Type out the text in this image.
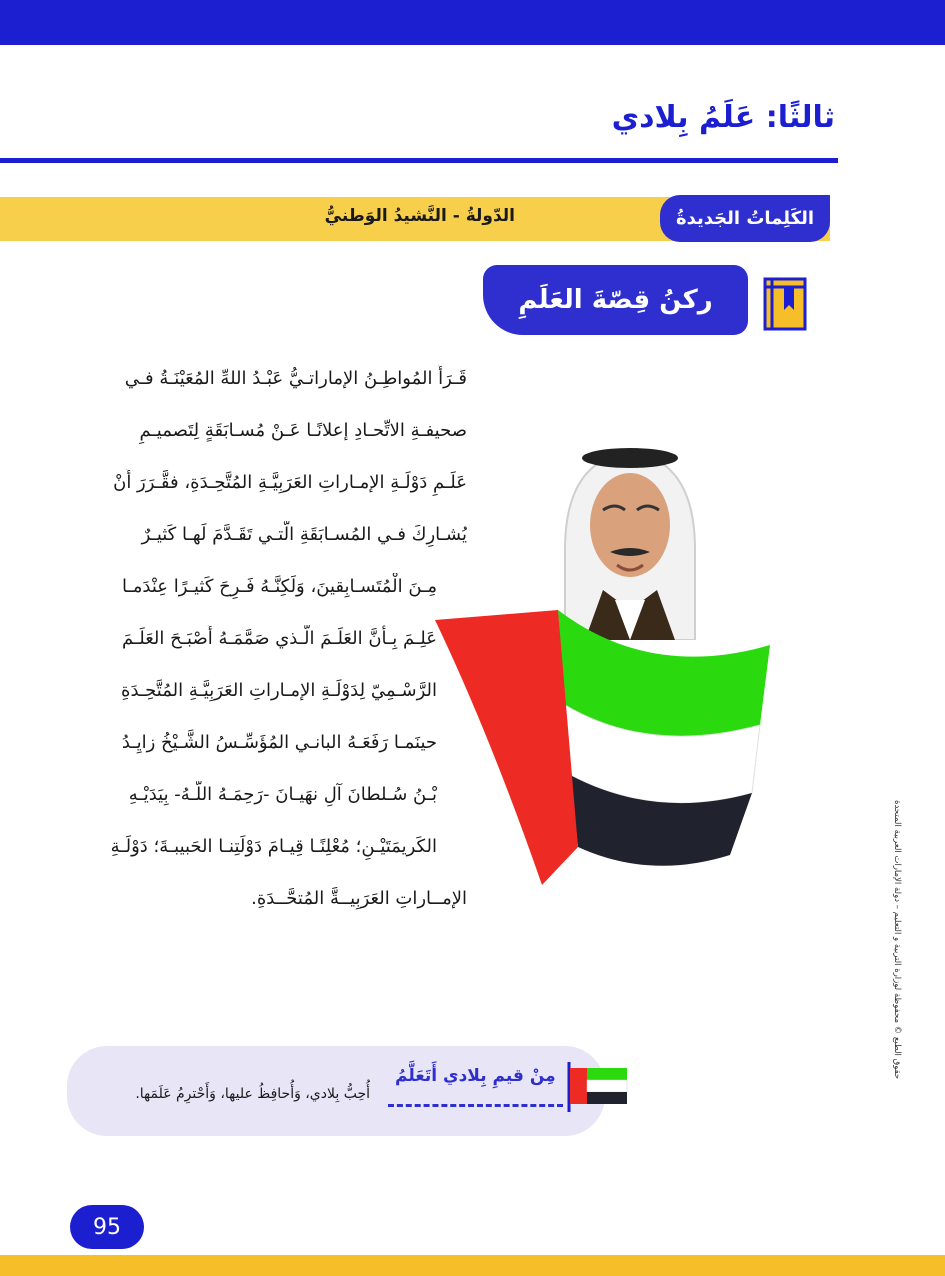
ثالثًا: عَلَمُ بِلادي
الدّولةُ - النَّشيدُ الوَطنيُّ	الكَلِماتُ الجَديدةُ
ركنُ قِصّةَ العَلَمِ
قَـرَأَ المُواطِـنُ الإماراتـيُّ عَبْـدُ اللهِّ المُعَيْنَـةُ فـي
صحيفـةِ الاتِّحـادِ إعلانًـا عَـنْ مُسـابَقَةٍ لِتَصميـمِ
عَلَـمِ دَوْلَـةِ الإمـاراتِ العَرَبِيَّـةِ المُتَّحِـدَةِ، فقَّـرَرَ أَنْ
يُشـارِكَ فـي المُسـابَقَةِ الَّتـي تَقَـدَّمَ لَهـا كَثيـرٌ
مِـنَ الْمُتَسـابِقينَ، وَلَكِنَّـهُ فَـرِحَ كَثيـرًا عِنْدَمـا
عَلِـمَ بِـأَنَّ العَلَـمَ الَّـذي صَمَّمَـهُ أَصْبَـحَ العَلَـمَ
الرَّسْـمِيّ لِدَوْلَـةِ الإمـاراتِ العَرَبِيَّـةِ المُتَّحِـدَةِ
حينَمـا رَفَعَـهُ البانـي المُؤَسِّـسُ الشَّـيْخُ زايِـدُ
بْـنُ سُـلطانَ آلِ نهَيـانَ -رَحِمَـهُ اللّـهُ- بِيَدَيْـهِ
الكَريمَتَيْـنِ؛ مُعْلِنًـا قِيـامَ دَوْلَتِنـا الحَبيبـةَ؛ دَوْلَـةِ
الإمــاراتِ العَرَبِيــةَّ المُتحَّــدَةِ.	حقوق الطبع © محفوظة لوزارة التربية و التعليم – دولة الإمارات العربية المتحدة
مِنْ قيمِ بِلادي أَتَعَلَّمُ
أُحِبُّ بِلادي، وَأُحافِظُ عليها، وَأَحْترِمُ عَلَمَها.
95
